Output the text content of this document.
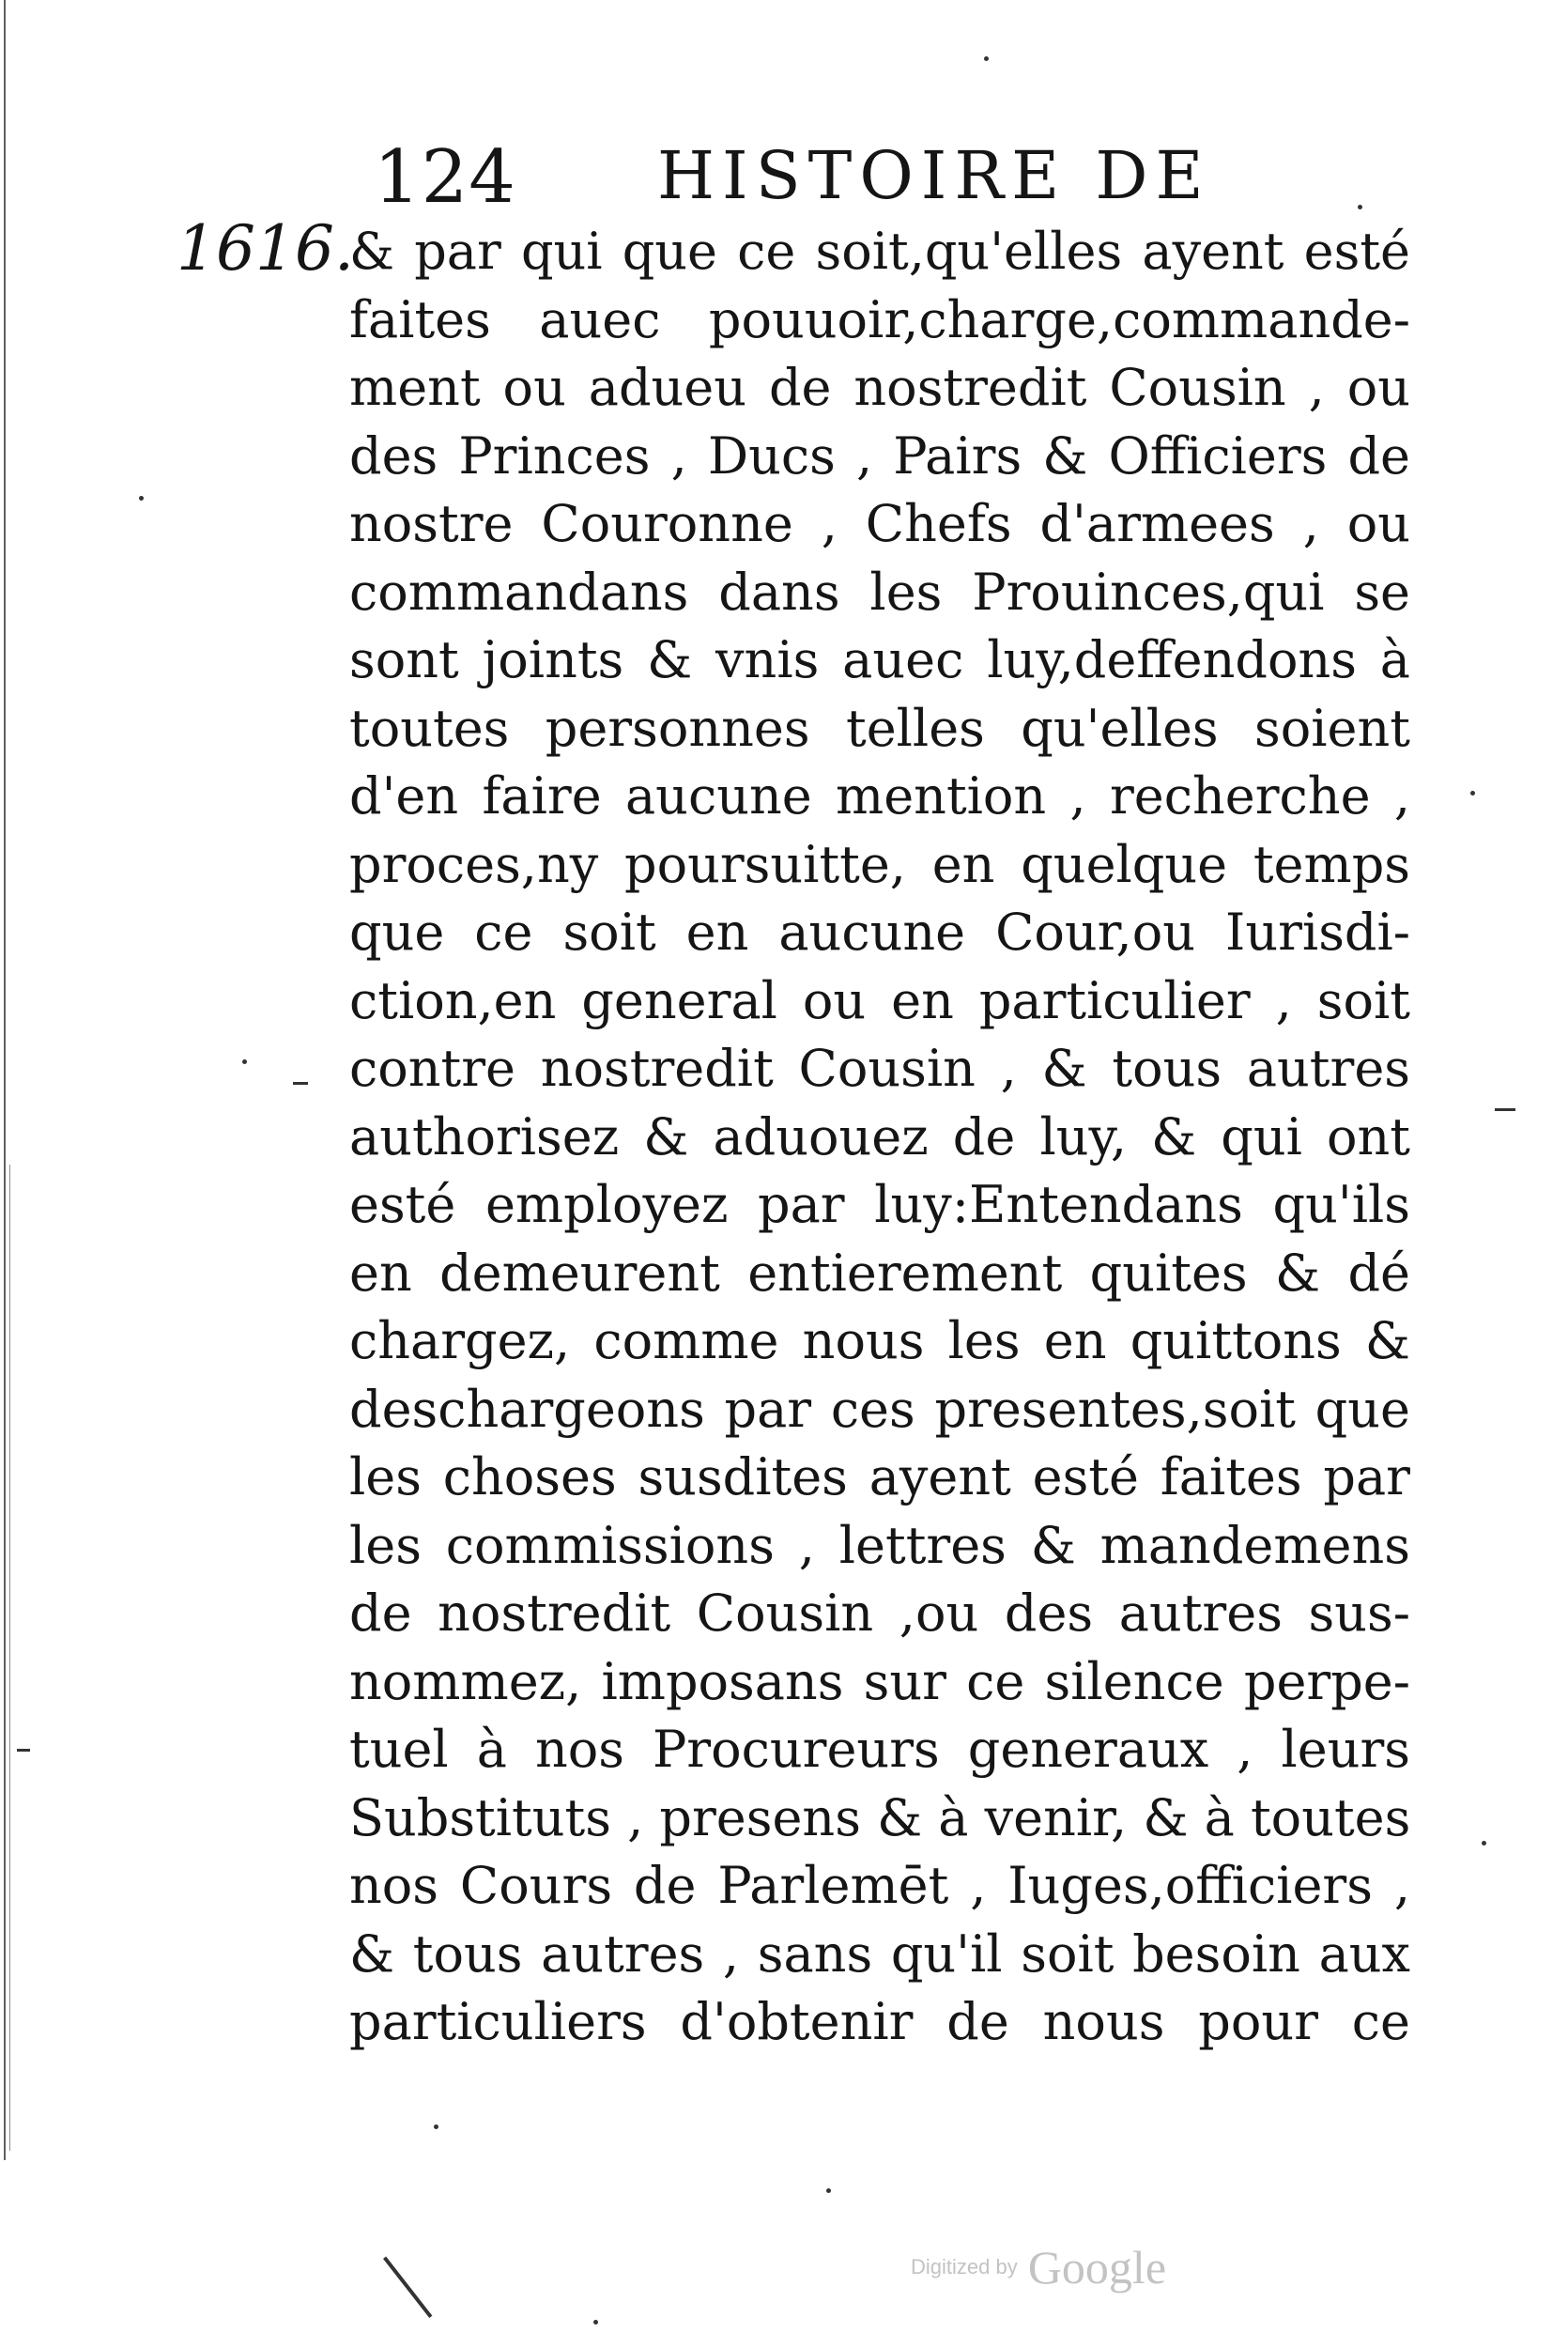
124 HISTOIRE DE
1616.
& par qui que ce soit,qu'elles ayent esté
faites auec pouuoir,charge,commande-
ment ou adueu de nostredit Cousin , ou
des Princes , Ducs , Pairs & Officiers de
nostre Couronne , Chefs d'armees , ou
commandans dans les Prouinces,qui se
sont joints & vnis auec luy,deffendons à
toutes personnes telles qu'elles soient
d'en faire aucune mention , recherche ,
proces,ny poursuitte, en quelque temps
que ce soit en aucune Cour,ou Iurisdi-
ction,en general ou en particulier , soit
contre nostredit Cousin , & tous autres
authorisez & aduouez de luy, & qui ont
esté employez par luy:Entendans qu'ils
en demeurent entierement quites & dé
chargez, comme nous les en quittons &
deschargeons par ces presentes,soit que
les choses susdites ayent esté faites par
les commissions , lettres & mandemens
de nostredit Cousin ,ou des autres sus-
nommez, imposans sur ce silence perpe-
tuel à nos Procureurs generaux , leurs
Substituts , presens & à venir, & à toutes
nos Cours de Parlemēt , Iuges,officiers ,
& tous autres , sans qu'il soit besoin aux
particuliers d'obtenir de nous pour ce
Digitized by Google
